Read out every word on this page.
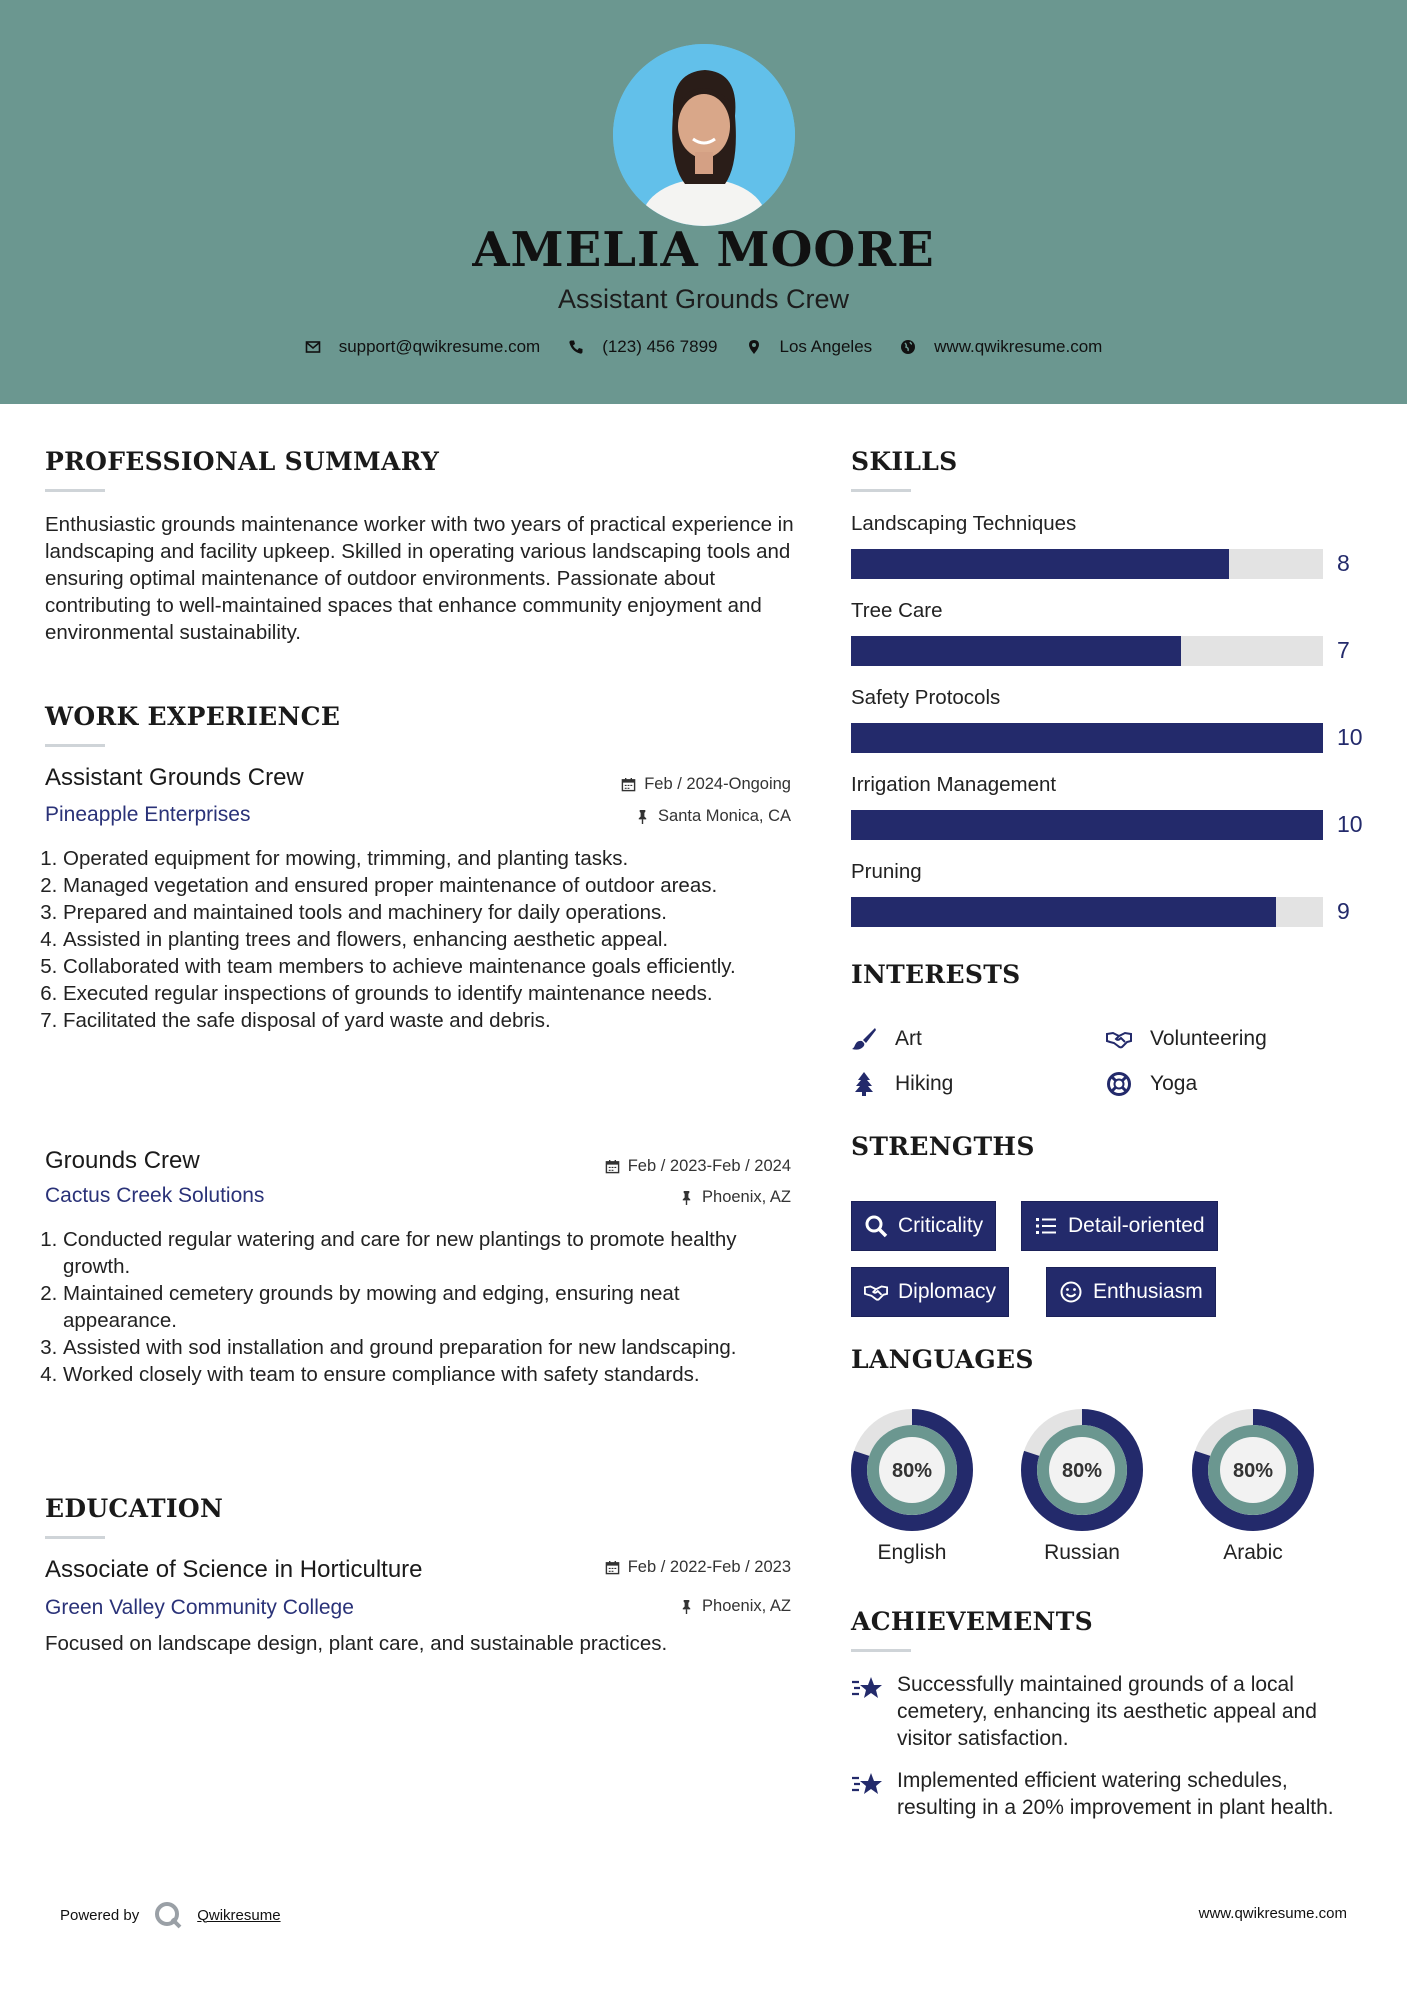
AMELIA MOORE
Assistant Grounds Crew
support@qwikresume.com	(123) 456 7899	Los Angeles	www.qwikresume.com
PROFESSIONAL SUMMARY
Enthusiastic grounds maintenance worker with two years of practical experience in landscaping and facility upkeep. Skilled in operating various landscaping tools and ensuring optimal maintenance of outdoor environments. Passionate about contributing to well-maintained spaces that enhance community enjoyment and environmental sustainability.
WORK EXPERIENCE
Assistant Grounds Crew	Feb / 2024-Ongoing
Pineapple Enterprises	Santa Monica, CA
1. Operated equipment for mowing, trimming, and planting tasks.
2. Managed vegetation and ensured proper maintenance of outdoor areas.
3. Prepared and maintained tools and machinery for daily operations.
4. Assisted in planting trees and flowers, enhancing aesthetic appeal.
5. Collaborated with team members to achieve maintenance goals efficiently.
6. Executed regular inspections of grounds to identify maintenance needs.
7. Facilitated the safe disposal of yard waste and debris.
Grounds Crew	Feb / 2023-Feb / 2024
Cactus Creek Solutions	Phoenix, AZ
1. Conducted regular watering and care for new plantings to promote healthy growth.
2. Maintained cemetery grounds by mowing and edging, ensuring neat appearance.
3. Assisted with sod installation and ground preparation for new landscaping.
4. Worked closely with team to ensure compliance with safety standards.
EDUCATION
Associate of Science in Horticulture	Feb / 2022-Feb / 2023
Green Valley Community College	Phoenix, AZ
Focused on landscape design, plant care, and sustainable practices.
SKILLS
Landscaping Techniques
8
Tree Care
7
Safety Protocols
10
Irrigation Management
10
Pruning
9
INTERESTS
Art	Volunteering
Hiking	Yoga
STRENGTHS
Criticality	Detail-oriented
Diplomacy	Enthusiasm
LANGUAGES
80%
English
80%
Russian
80%
Arabic
ACHIEVEMENTS
Successfully maintained grounds of a local cemetery, enhancing its aesthetic appeal and visitor satisfaction.
Implemented efficient watering schedules, resulting in a 20% improvement in plant health.
Powered by	Qwikresume	www.qwikresume.com
